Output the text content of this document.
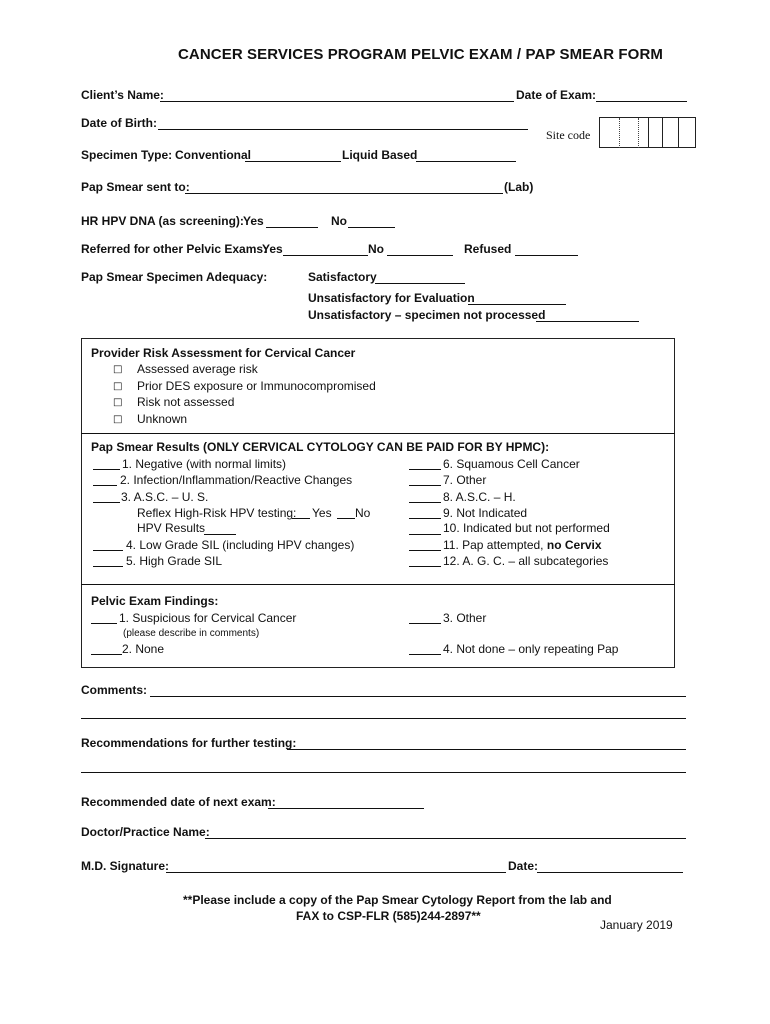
CANCER SERVICES PROGRAM PELVIC EXAM / PAP SMEAR FORM
Client’s Name:	Date of Exam:
Date of Birth:
Site code
Specimen Type: Conventional	Liquid Based
Pap Smear sent to:	(Lab)
HR HPV DNA (as screening): Yes	No
Referred for other Pelvic Exams:
Yes	No	Refused
Pap Smear Specimen Adequacy:	Satisfactory
Unsatisfactory for Evaluation
Unsatisfactory – specimen not processed
Provider Risk Assessment for Cervical Cancer
□ Assessed average risk
□ Prior DES exposure or Immunocompromised
□ Risk not assessed
□ Unknown
Pap Smear Results (ONLY CERVICAL CYTOLOGY CAN BE PAID FOR BY HPMC):
1. Negative (with normal limits)
2. Infection/Inflammation/Reactive Changes
3. A.S.C. – U. S.
Reflex High-Risk HPV testing: Yes No
HPV Results
4. Low Grade SIL (including HPV changes)
5. High Grade SIL
6. Squamous Cell Cancer
7. Other
8. A.S.C. – H.
9. Not Indicated
10. Indicated but not performed
11. Pap attempted, no Cervix
12. A. G. C. – all subcategories
Pelvic Exam Findings:
1. Suspicious for Cervical Cancer
(please describe in comments)
2. None
3. Other
4. Not done – only repeating Pap
Comments:
Recommendations for further testing:
Recommended date of next exam:
Doctor/Practice Name:
M.D. Signature:	Date:
**Please include a copy of the Pap Smear Cytology Report from the lab and
FAX to CSP-FLR (585)244-2897**
January 2019
